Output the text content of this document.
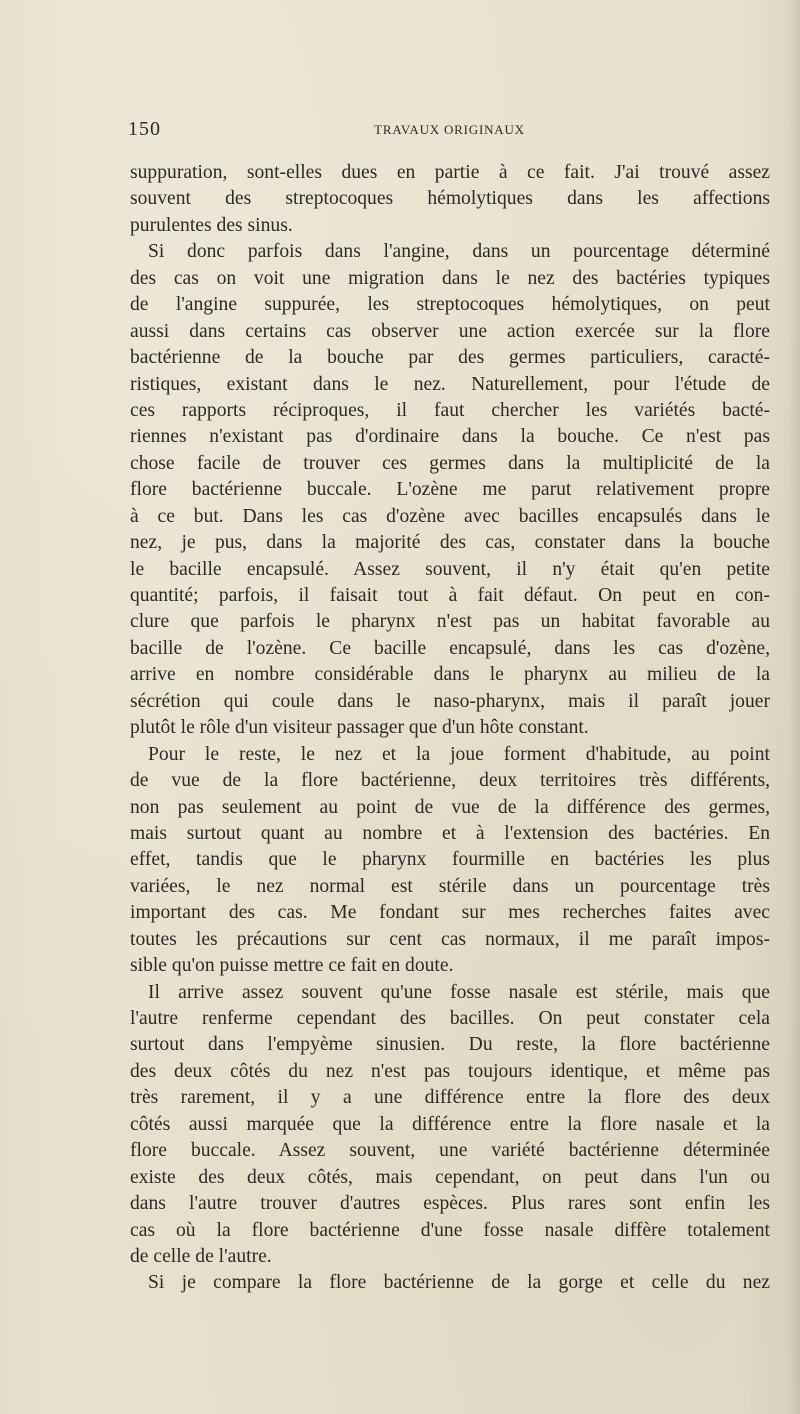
150	TRAVAUX ORIGINAUX
suppuration, sont-elles dues en partie à ce fait. J'ai trouvé assez
souvent des streptocoques hémolytiques dans les affections
purulentes des sinus.
Si donc parfois dans l'angine, dans un pourcentage déterminé
des cas on voit une migration dans le nez des bactéries typiques
de l'angine suppurée, les streptocoques hémolytiques, on peut
aussi dans certains cas observer une action exercée sur la flore
bactérienne de la bouche par des germes particuliers, caracté-
ristiques, existant dans le nez. Naturellement, pour l'étude de
ces rapports réciproques, il faut chercher les variétés bacté-
riennes n'existant pas d'ordinaire dans la bouche. Ce n'est pas
chose facile de trouver ces germes dans la multiplicité de la
flore bactérienne buccale. L'ozène me parut relativement propre
à ce but. Dans les cas d'ozène avec bacilles encapsulés dans le
nez, je pus, dans la majorité des cas, constater dans la bouche
le bacille encapsulé. Assez souvent, il n'y était qu'en petite
quantité; parfois, il faisait tout à fait défaut. On peut en con-
clure que parfois le pharynx n'est pas un habitat favorable au
bacille de l'ozène. Ce bacille encapsulé, dans les cas d'ozène,
arrive en nombre considérable dans le pharynx au milieu de la
sécrétion qui coule dans le naso-pharynx, mais il paraît jouer
plutôt le rôle d'un visiteur passager que d'un hôte constant.
Pour le reste, le nez et la joue forment d'habitude, au point
de vue de la flore bactérienne, deux territoires très différents,
non pas seulement au point de vue de la différence des germes,
mais surtout quant au nombre et à l'extension des bactéries. En
effet, tandis que le pharynx fourmille en bactéries les plus
variées, le nez normal est stérile dans un pourcentage très
important des cas. Me fondant sur mes recherches faites avec
toutes les précautions sur cent cas normaux, il me paraît impos-
sible qu'on puisse mettre ce fait en doute.
Il arrive assez souvent qu'une fosse nasale est stérile, mais que
l'autre renferme cependant des bacilles. On peut constater cela
surtout dans l'empyème sinusien. Du reste, la flore bactérienne
des deux côtés du nez n'est pas toujours identique, et même pas
très rarement, il y a une différence entre la flore des deux
côtés aussi marquée que la différence entre la flore nasale et la
flore buccale. Assez souvent, une variété bactérienne déterminée
existe des deux côtés, mais cependant, on peut dans l'un ou
dans l'autre trouver d'autres espèces. Plus rares sont enfin les
cas où la flore bactérienne d'une fosse nasale diffère totalement
de celle de l'autre.
Si je compare la flore bactérienne de la gorge et celle du nez
